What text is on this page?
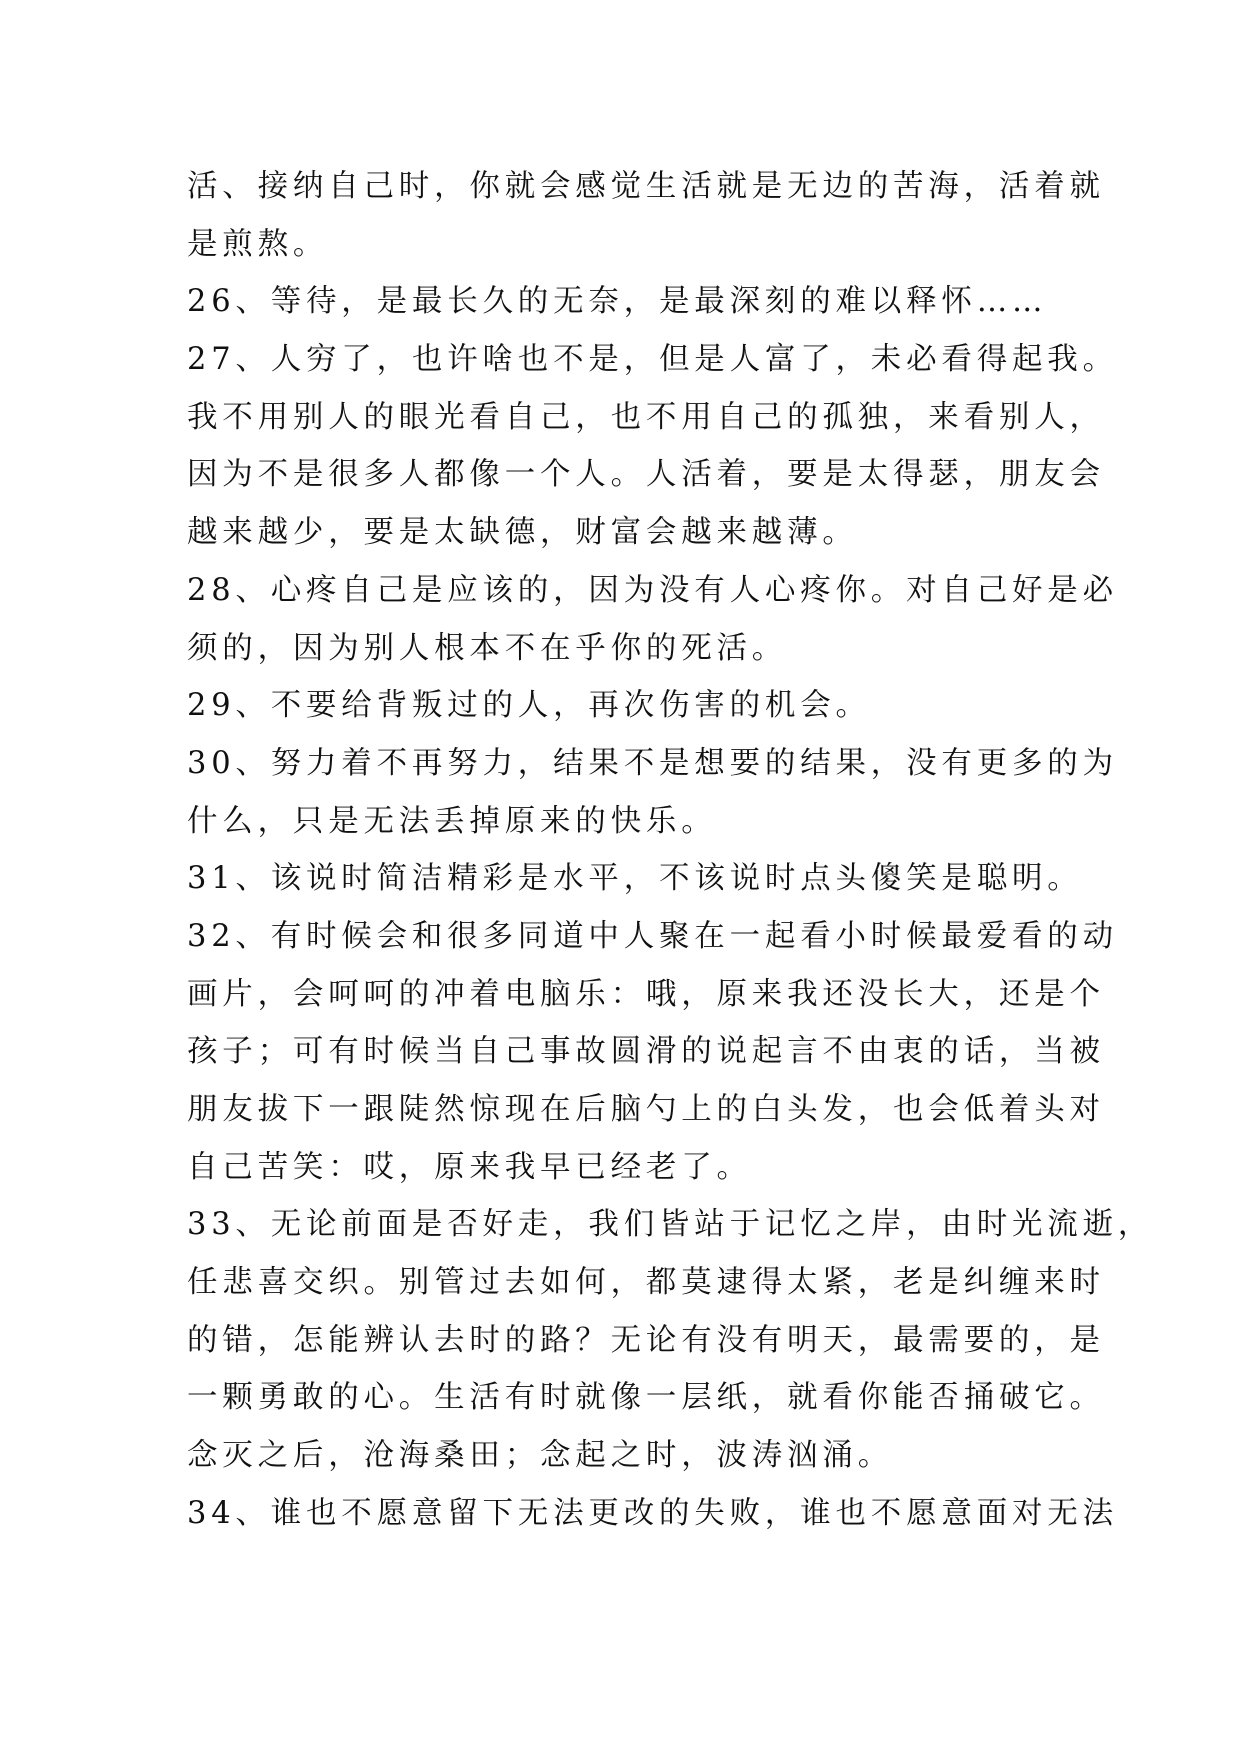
活、接纳自己时，你就会感觉生活就是无边的苦海，活着就
是煎熬。
26、等待，是最长久的无奈，是最深刻的难以释怀……
27、人穷了，也许啥也不是，但是人富了，未必看得起我。
我不用别人的眼光看自己，也不用自己的孤独，来看别人，
因为不是很多人都像一个人。人活着，要是太得瑟，朋友会
越来越少，要是太缺德，财富会越来越薄。
28、心疼自己是应该的，因为没有人心疼你。对自己好是必
须的，因为别人根本不在乎你的死活。
29、不要给背叛过的人，再次伤害的机会。
30、努力着不再努力，结果不是想要的结果，没有更多的为
什么，只是无法丢掉原来的快乐。
31、该说时简洁精彩是水平，不该说时点头傻笑是聪明。
32、有时候会和很多同道中人聚在一起看小时候最爱看的动
画片，会呵呵的冲着电脑乐：哦，原来我还没长大，还是个
孩子；可有时候当自己事故圆滑的说起言不由衷的话，当被
朋友拔下一跟陡然惊现在后脑勺上的白头发，也会低着头对
自己苦笑：哎，原来我早已经老了。
33、无论前面是否好走，我们皆站于记忆之岸，由时光流逝，
任悲喜交织。别管过去如何，都莫逮得太紧，老是纠缠来时
的错，怎能辨认去时的路？无论有没有明天，最需要的，是
一颗勇敢的心。生活有时就像一层纸，就看你能否捅破它。
念灭之后，沧海桑田；念起之时，波涛汹涌。
34、谁也不愿意留下无法更改的失败，谁也不愿意面对无法
